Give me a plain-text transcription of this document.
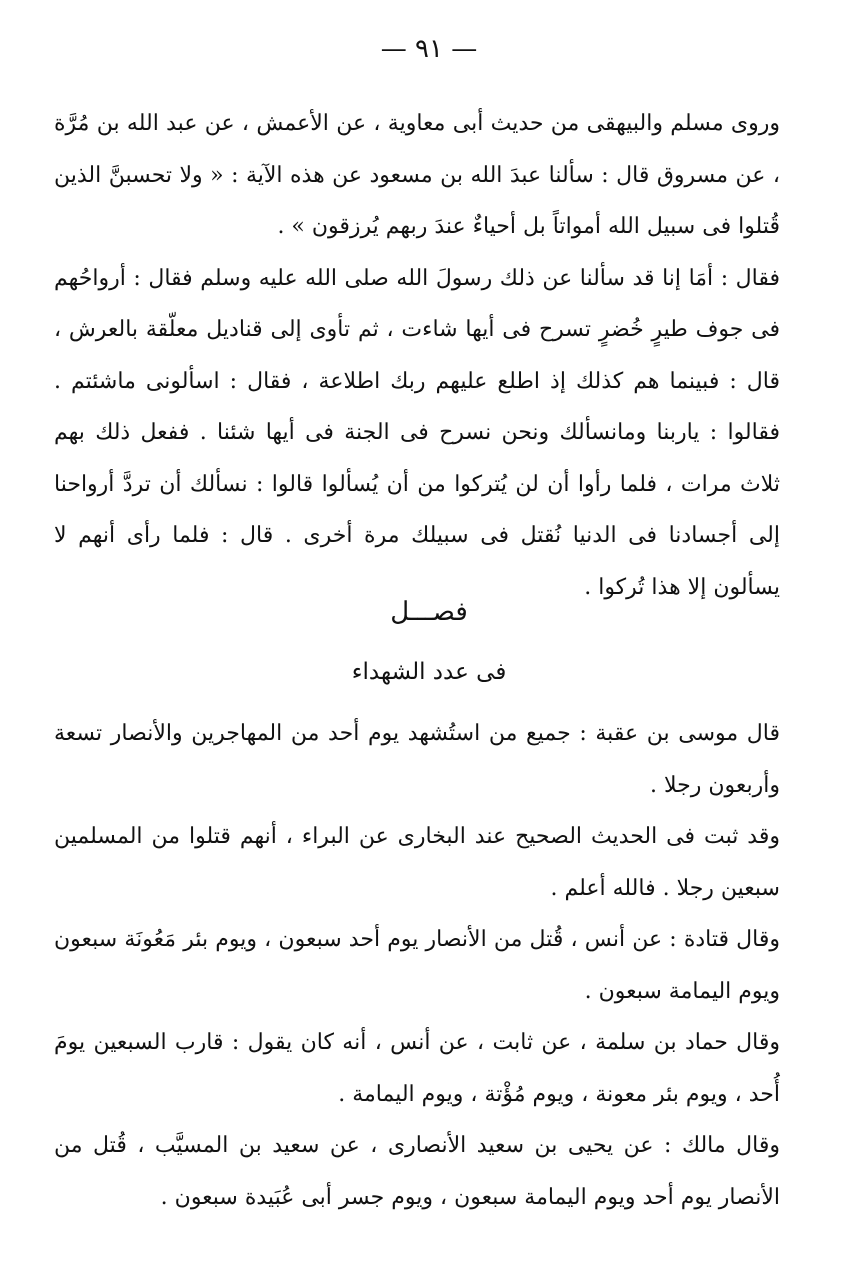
— ٩١ —

وروى مسلم والبيهقى من حديث أبى معاوية ، عن الأعمش ، عن عبد الله بن مُرَّة ، عن مسروق قال : سألنا عبدَ الله بن مسعود عن هذه الآية : « ولا تحسبنَّ الذين قُتلوا فى سبيل الله أمواتاً بل أحياءٌ عندَ ربهم يُرزقون » .

فقال : أمَا إنا قد سألنا عن ذلك رسولَ الله صلى الله عليه وسلم فقال : أرواحُهم فى جوف طيرٍ خُضرٍ تسرح فى أيها شاءت ، ثم تأوى إلى قناديل معلّقة بالعرش ، قال : فبينما هم كذلك إذ اطلع عليهم ربك اطلاعة ، فقال : اسألونى ماشئتم . فقالوا : ياربنا ومانسألك ونحن نسرح فى الجنة فى أيها شئنا . ففعل ذلك بهم ثلاث مرات ، فلما رأوا أن لن يُتركوا من أن يُسألوا قالوا : نسألك أن تردَّ أرواحنا إلى أجسادنا فى الدنيا نُقتل فى سبيلك مرة أخرى . قال : فلما رأى أنهم لا يسألون إلا هذا تُركوا .

فصـــل
فى عدد الشهداء

قال موسى بن عقبة : جميع من استُشهد يوم أحد من المهاجرين والأنصار تسعة وأربعون رجلا .

وقد ثبت فى الحديث الصحيح عند البخارى عن البراء ، أنهم قتلوا من المسلمين سبعين رجلا . فالله أعلم .

وقال قتادة : عن أنس ، قُتل من الأنصار يوم أحد سبعون ، ويوم بئر مَعُونَة سبعون ويوم اليمامة سبعون .

وقال حماد بن سلمة ، عن ثابت ، عن أنس ، أنه كان يقول : قارب السبعين يومَ أُحد ، ويوم بئر معونة ، ويوم مُؤْتة ، ويوم اليمامة .

وقال مالك : عن يحيى بن سعيد الأنصارى ، عن سعيد بن المسيَّب ، قُتل من الأنصار يوم أحد ويوم اليمامة سبعون ، ويوم جسر أبى عُبَيدة سبعون .
